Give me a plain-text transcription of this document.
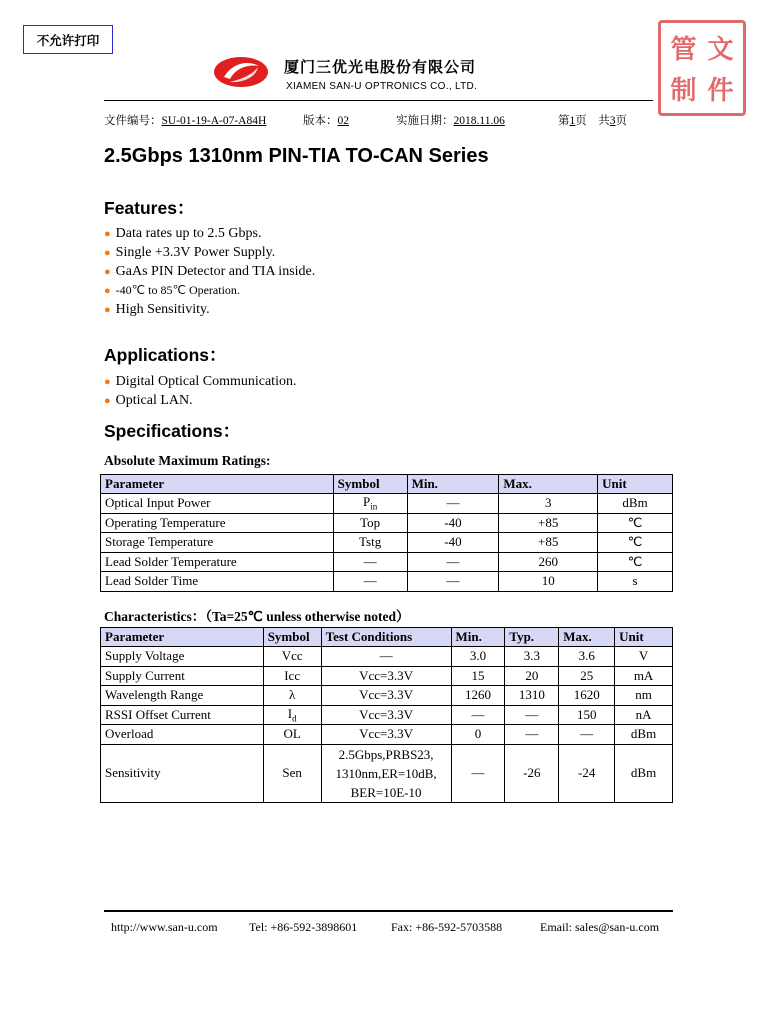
不允许打印
厦门三优光电股份有限公司
XIAMEN SAN-U OPTRONICS CO., LTD.
管 文
制 件
文件编号：SU-01-19-A-07-A84H	版本：02	实施日期：2018.11.06	第1页　共3页
2.5Gbps 1310nm PIN-TIA TO-CAN Series
Features：
● Data rates up to 2.5 Gbps.
● Single +3.3V Power Supply.
● GaAs PIN Detector and TIA inside.
● -40℃ to 85℃ Operation.
● High Sensitivity.
Applications：
● Digital Optical Communication.
● Optical LAN.
Specifications：
Absolute Maximum Ratings:
Parameter	Symbol	Min.	Max.	Unit
Optical Input Power	$P_{in}$	—	3	dBm
Operating Temperature	Top	-40	+85	℃
Storage Temperature	Tstg	-40	+85	℃
Lead Solder Temperature	—	—	260	℃
Lead Solder Time	—	—	10	s
Characteristics：（Ta=25℃ unless otherwise noted）
Parameter	Symbol	Test Conditions	Min.	Typ.	Max.	Unit
Supply Voltage	Vcc	—	3.0	3.3	3.6	V
Supply Current	Icc	Vcc=3.3V	15	20	25	mA
Wavelength Range	λ	Vcc=3.3V	1260	1310	1620	nm
RSSI Offset Current	$I_d$	Vcc=3.3V	—	—	150	nA
Overload	OL	Vcc=3.3V	0	—	—	dBm
Sensitivity	Sen	2.5Gbps,PRBS23,
1310nm,ER=10dB,
BER=10E-10	—	-26	-24	dBm
http://www.san-u.com	Tel: +86-592-3898601	Fax: +86-592-5703588	Email: sales@san-u.com
